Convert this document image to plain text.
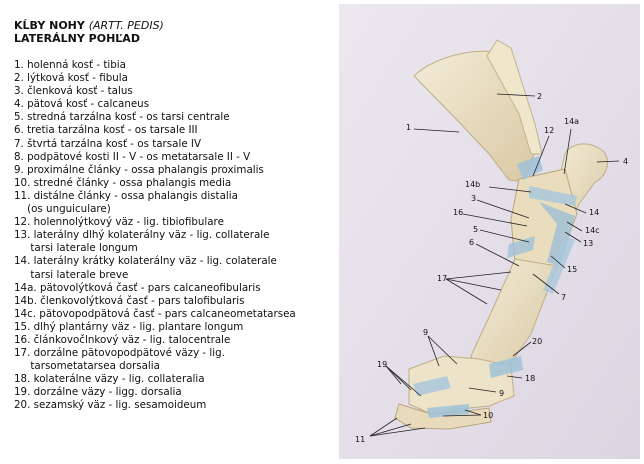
KĹBY NOHY (ARTT. PEDIS)
LATERÁLNY POHĽAD
1. holenná kosť - tibia
2. lýtková kosť - fibula
3. členková kosť - talus
4. pätová kosť - calcaneus
5. stredná tarzálna kosť - os tarsi centrale
6. tretia tarzálna kosť - os tarsale III
7. štvrtá tarzálna kosť - os tarsale IV
8. podpätové kosti II - V - os metatarsale II - V
9. proximálne články - ossa phalangis proximalis
10. stredné články - ossa phalangis media
11. distálne články - ossa phalangis distalia
(os unguiculare)
12. holennolýtkový väz - lig. tibiofibulare
13. laterálny dlhý kolaterálny väz - lig. collaterale
tarsi laterale longum
14. laterálny krátky kolaterálny väz - lig. colaterale
tarsi laterale breve
14a. pätovolýtková časť - pars calcaneofibularis
14b. členkovolýtková časť - pars talofibularis
14c. pätovopodpätová časť - pars calcaneometatarsea
15. dlhý plantárny väz - lig. plantare longum
16. článkovočlnkový väz - lig. talocentrale
17. dorzálne pätovopodpätové väzy - lig.
tarsometatarsea dorsalia
18. kolaterálne väzy - lig. collateralia
19. dorzálne väzy - ligg. dorsalia
20. sezamský väz - lig. sesamoideum
1
2
4
12
14a
14b
3
16	14
5	14c
6	13
17
15
7
9
20
18
19
9
10
11
